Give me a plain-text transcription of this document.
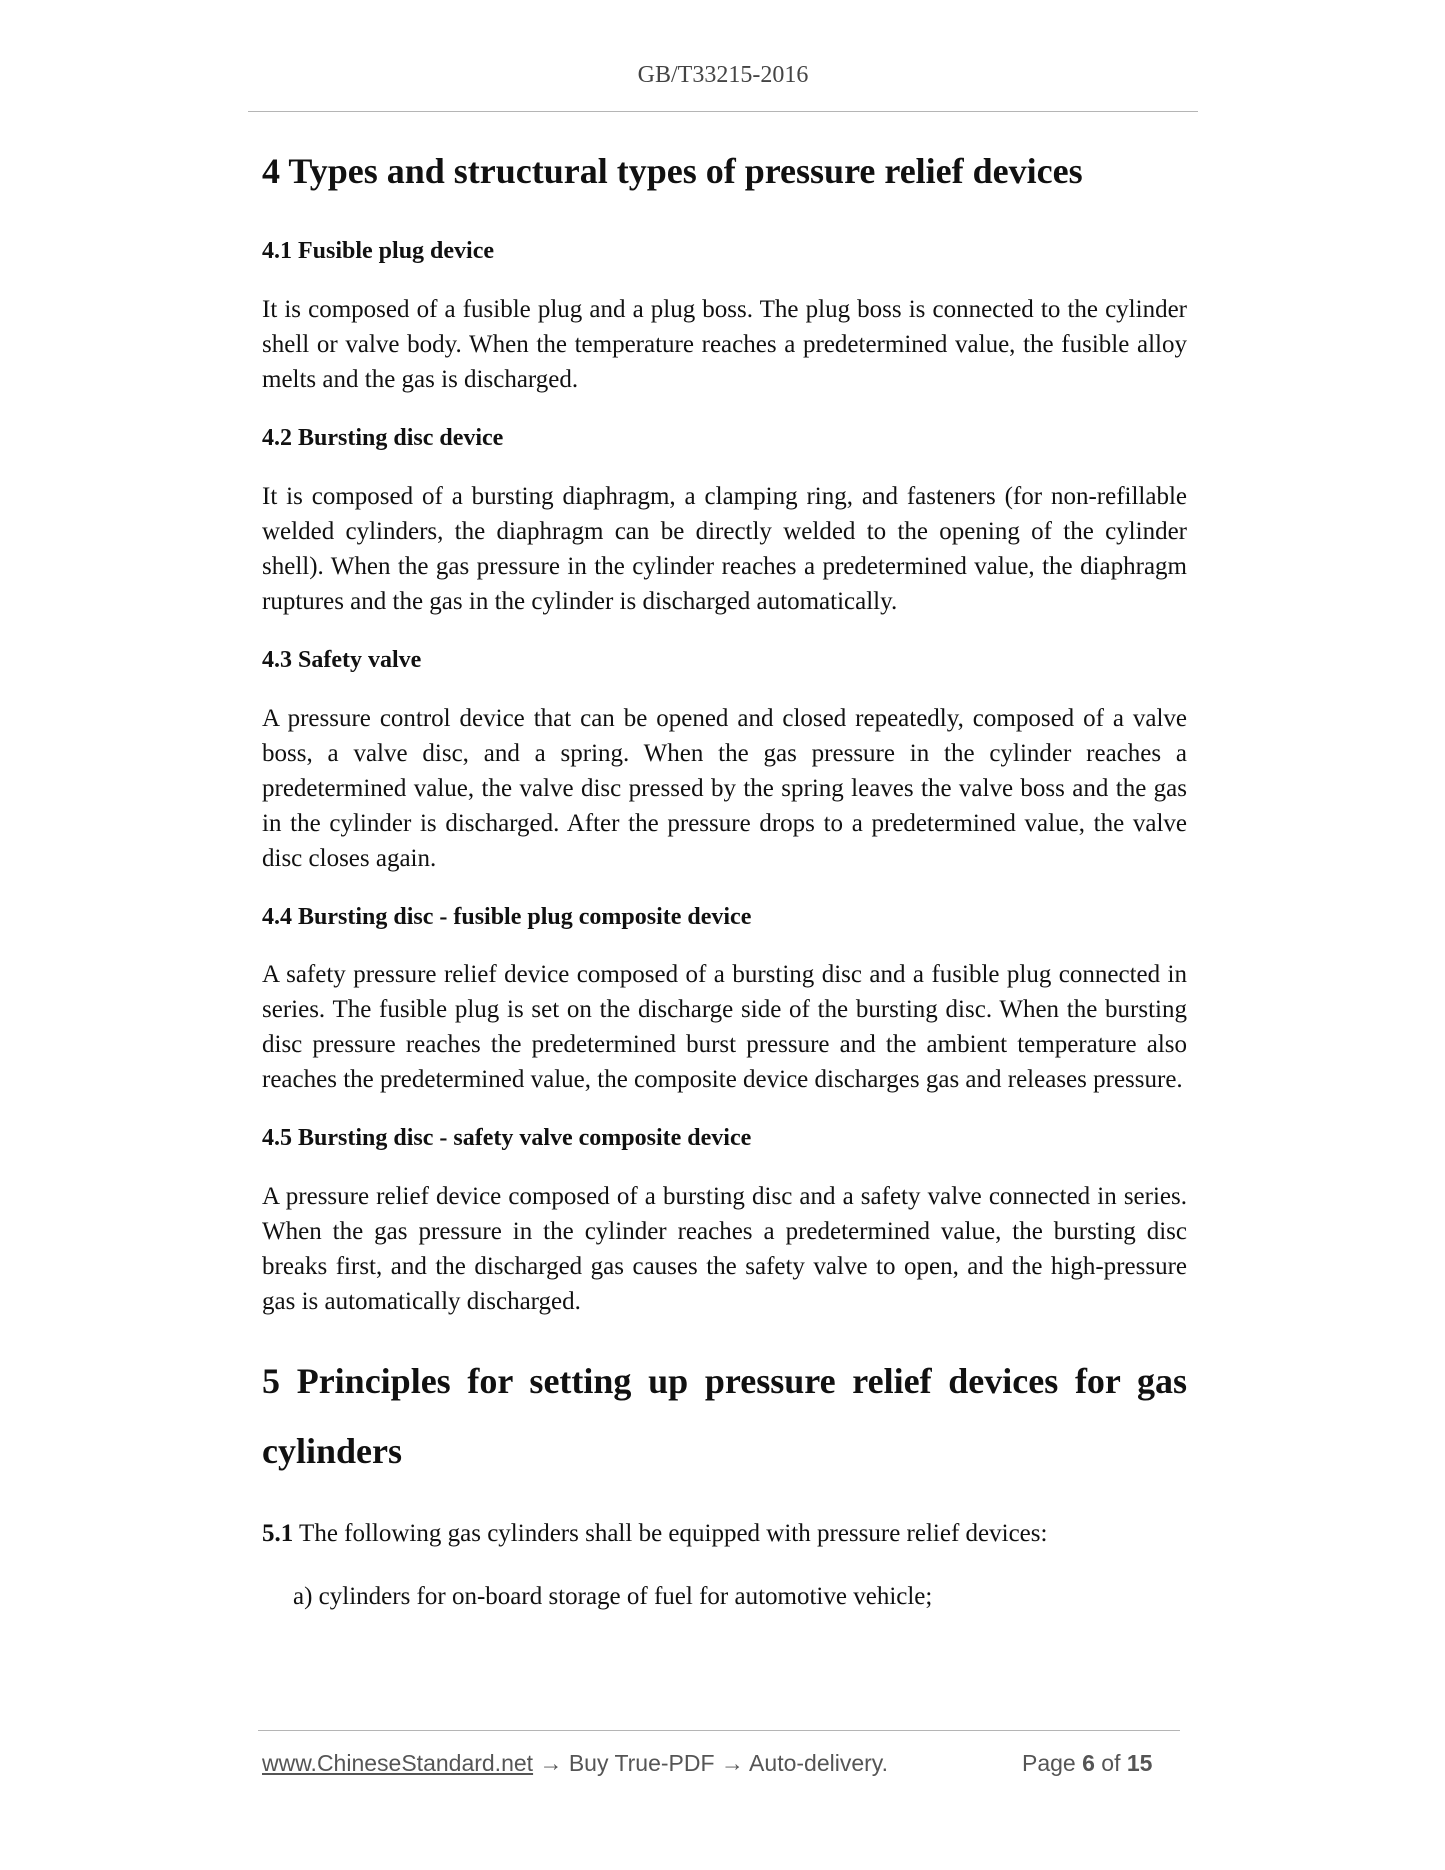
GB/T33215-2016
4 Types and structural types of pressure relief devices
4.1 Fusible plug device

It is composed of a fusible plug and a plug boss. The plug boss is connected to the cylinder shell or valve body. When the temperature reaches a predetermined value, the fusible alloy melts and the gas is discharged.

4.2 Bursting disc device

It is composed of a bursting diaphragm, a clamping ring, and fasteners (for non-refillable welded cylinders, the diaphragm can be directly welded to the opening of the cylinder shell). When the gas pressure in the cylinder reaches a predetermined value, the diaphragm ruptures and the gas in the cylinder is discharged automatically.

4.3 Safety valve

A pressure control device that can be opened and closed repeatedly, composed of a valve boss, a valve disc, and a spring. When the gas pressure in the cylinder reaches a predetermined value, the valve disc pressed by the spring leaves the valve boss and the gas in the cylinder is discharged. After the pressure drops to a predetermined value, the valve disc closes again.

4.4 Bursting disc - fusible plug composite device

A safety pressure relief device composed of a bursting disc and a fusible plug connected in series. The fusible plug is set on the discharge side of the bursting disc. When the bursting disc pressure reaches the predetermined burst pressure and the ambient temperature also reaches the predetermined value, the composite device discharges gas and releases pressure.

4.5 Bursting disc - safety valve composite device

A pressure relief device composed of a bursting disc and a safety valve connected in series. When the gas pressure in the cylinder reaches a predetermined value, the bursting disc breaks first, and the discharged gas causes the safety valve to open, and the high-pressure gas is automatically discharged.

5 Principles for setting up pressure relief devices for gas cylinders

5.1 The following gas cylinders shall be equipped with pressure relief devices:

a) cylinders for on-board storage of fuel for automotive vehicle;

www.ChineseStandard.net → Buy True-PDF → Auto-delivery.	Page 6 of 15
